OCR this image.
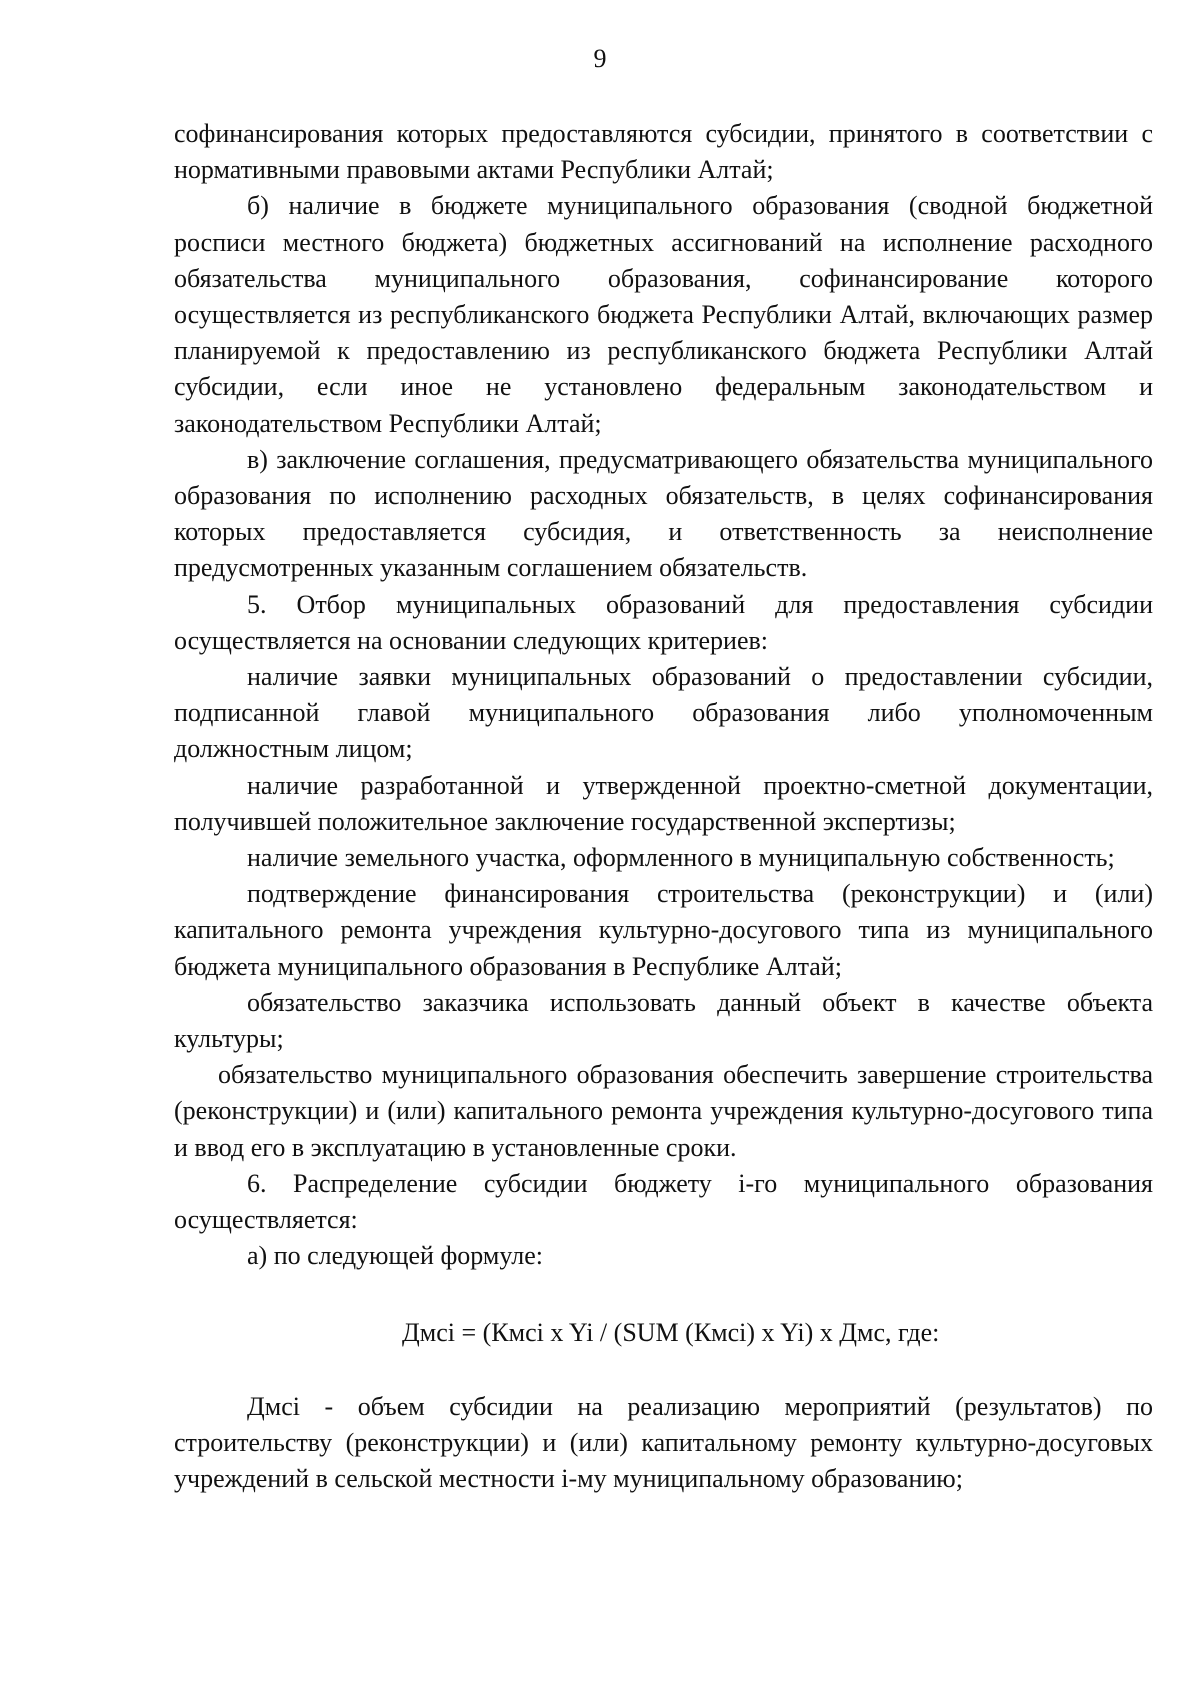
9

софинансирования которых предоставляются субсидии, принятого в соответствии с нормативными правовыми актами Республики Алтай;

б) наличие в бюджете муниципального образования (сводной бюджетной росписи местного бюджета) бюджетных ассигнований на исполнение расходного обязательства муниципального образования, софинансирование которого осуществляется из республиканского бюджета Республики Алтай, включающих размер планируемой к предоставлению из республиканского бюджета Республики Алтай субсидии, если иное не установлено федеральным законодательством и законодательством Республики Алтай;

в) заключение соглашения, предусматривающего обязательства муниципального образования по исполнению расходных обязательств, в целях софинансирования которых предоставляется субсидия, и ответственность за неисполнение предусмотренных указанным соглашением обязательств.

5. Отбор муниципальных образований для предоставления субсидии осуществляется на основании следующих критериев:

наличие заявки муниципальных образований о предоставлении субсидии, подписанной главой муниципального образования либо уполномоченным должностным лицом;

наличие разработанной и утвержденной проектно-сметной документации, получившей положительное заключение государственной экспертизы;

наличие земельного участка, оформленного в муниципальную собственность;

подтверждение финансирования строительства (реконструкции) и (или) капитального ремонта учреждения культурно-досугового типа из муниципального бюджета муниципального образования в Республике Алтай;

обязательство заказчика использовать данный объект в качестве объекта культуры;

обязательство муниципального образования обеспечить завершение строительства (реконструкции) и (или) капитального ремонта учреждения культурно-досугового типа и ввод его в эксплуатацию в установленные сроки.

6. Распределение субсидии бюджету i-го муниципального образования осуществляется:

а) по следующей формуле:

Дмсi = (Кмсi x Yi / (SUM (Кмсi) x Yi) x Дмс, где:

Дмсi - объем субсидии на реализацию мероприятий (результатов) по строительству (реконструкции) и (или) капитальному ремонту культурно-досуговых учреждений в сельской местности i-му муниципальному образованию;
